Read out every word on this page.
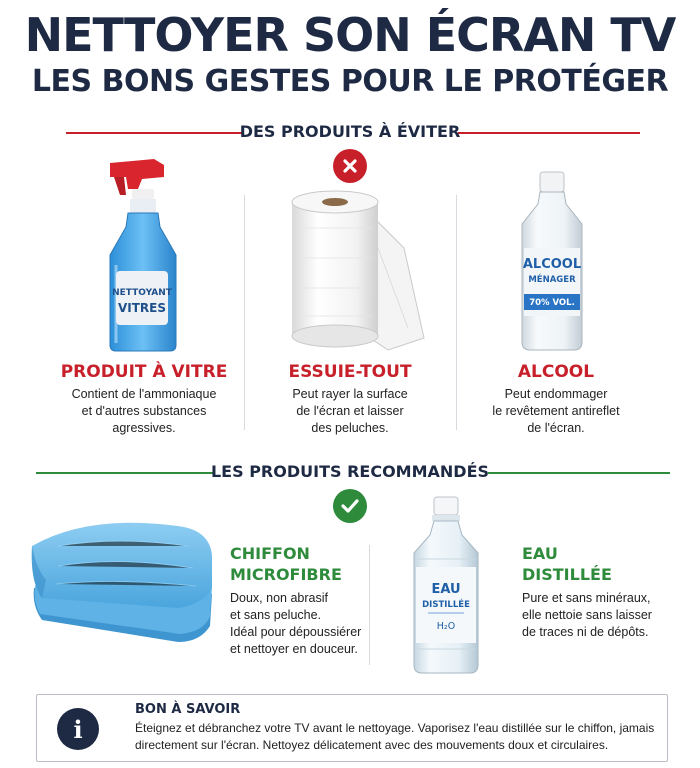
NETTOYER SON ÉCRAN TV
LES BONS GESTES POUR LE PROTÉGER
DES PRODUITS À ÉVITER
NETTOYANT
VITRES
ALCOOL
MÉNAGER
70% VOL.
PRODUIT À VITRE	ESSUIE-TOUT	ALCOOL
Contient de l'ammoniaque
et d'autres substances
agressives.
Peut rayer la surface
de l'écran et laisser
des peluches.
Peut endommager
le revêtement antireflet
de l'écran.
LES PRODUITS RECOMMANDÉS
EAU
DISTILLÉE
H₂O
CHIFFON
MICROFIBRE
Doux, non abrasif
et sans peluche.
Idéal pour dépoussiérer
et nettoyer en douceur.
EAU
DISTILLÉE
Pure et sans minéraux,
elle nettoie sans laisser
de traces ni de dépôts.
i
BON À SAVOIR
Éteignez et débranchez votre TV avant le nettoyage. Vaporisez l'eau distillée sur le chiffon, jamais directement sur l'écran. Nettoyez délicatement avec des mouvements doux et circulaires.
